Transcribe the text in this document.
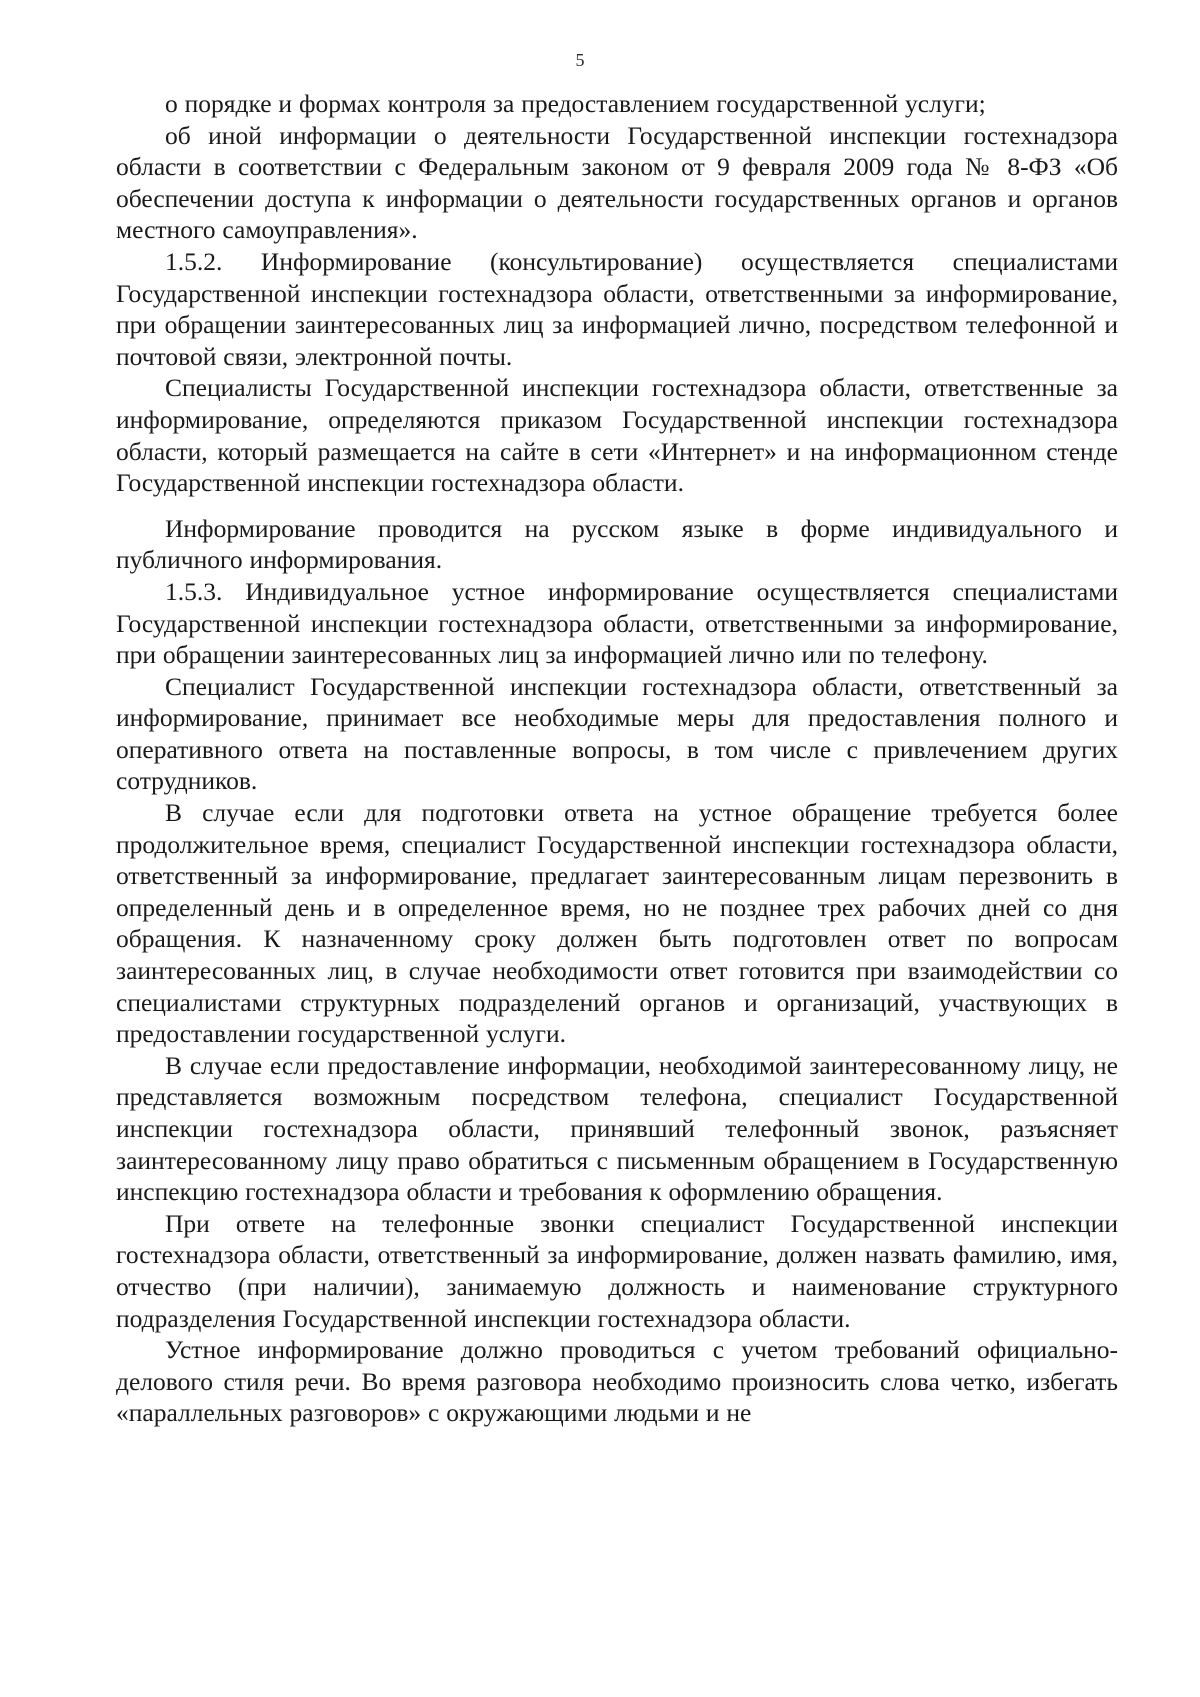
5

о порядке и формах контроля за предоставлением государственной услуги;

об иной информации о деятельности Государственной инспекции гостехнадзора области в соответствии с Федеральным законом от 9 февраля 2009 года № 8-ФЗ «Об обеспечении доступа к информации о деятельности государственных органов и органов местного самоуправления».

1.5.2. Информирование (консультирование) осуществляется специалистами Государственной инспекции гостехнадзора области, ответственными за информирование, при обращении заинтересованных лиц за информацией лично, посредством телефонной и почтовой связи, электронной почты.

Специалисты Государственной инспекции гостехнадзора области, ответственные за информирование, определяются приказом Государственной инспекции гостехнадзора области, который размещается на сайте в сети «Интернет» и на информационном стенде Государственной инспекции гостехнадзора области.

Информирование проводится на русском языке в форме индивидуального и публичного информирования.

1.5.3. Индивидуальное устное информирование осуществляется специалистами Государственной инспекции гостехнадзора области, ответственными за информирование, при обращении заинтересованных лиц за информацией лично или по телефону.

Специалист Государственной инспекции гостехнадзора области, ответственный за информирование, принимает все необходимые меры для предоставления полного и оперативного ответа на поставленные вопросы, в том числе с привлечением других сотрудников.

В случае если для подготовки ответа на устное обращение требуется более продолжительное время, специалист Государственной инспекции гостехнадзора области, ответственный за информирование, предлагает заинтересованным лицам перезвонить в определенный день и в определенное время, но не позднее трех рабочих дней со дня обращения. К назначенному сроку должен быть подготовлен ответ по вопросам заинтересованных лиц, в случае необходимости ответ готовится при взаимодействии со специалистами структурных подразделений органов и организаций, участвующих в предоставлении государственной услуги.

В случае если предоставление информации, необходимой заинтересованному лицу, не представляется возможным посредством телефона, специалист Государственной инспекции гостехнадзора области, принявший телефонный звонок, разъясняет заинтересованному лицу право обратиться с письменным обращением в Государственную инспекцию гостехнадзора области и требования к оформлению обращения.

При ответе на телефонные звонки специалист Государственной инспекции гостехнадзора области, ответственный за информирование, должен назвать фамилию, имя, отчество (при наличии), занимаемую должность и наименование структурного подразделения Государственной инспекции гостехнадзора области.

Устное информирование должно проводиться с учетом требований официально-делового стиля речи. Во время разговора необходимо произносить слова четко, избегать «параллельных разговоров» с окружающими людьми и не
